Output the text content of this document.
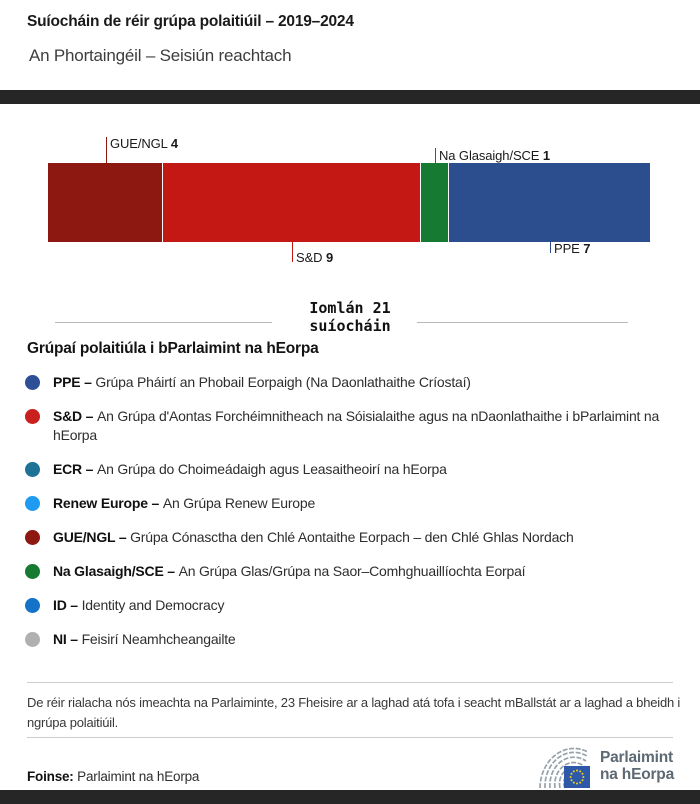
Suíocháin de réir grúpa polaitiúil – 2019–2024
An Phortaingéil – Seisiún reachtach
GUE/NGL 4
S&D 9
Na Glasaigh/SCE 1
PPE 7
Iomlán 21
suíocháin
Grúpaí polaitiúla i bParlaimint na hEorpa
PPE – Grúpa Pháirtí an Phobail Eorpaigh (Na Daonlathaithe Críostaí)
S&D – An Grúpa d'Aontas Forchéimnitheach na Sóisialaithe agus na nDaonlathaithe i bParlaimint na hEorpa
ECR – An Grúpa do Choimeádaigh agus Leasaitheoirí na hEorpa
Renew Europe – An Grúpa Renew Europe
GUE/NGL – Grúpa Cónasctha den Chlé Aontaithe Eorpach – den Chlé Ghlas Nordach
Na Glasaigh/SCE – An Grúpa Glas/Grúpa na Saor–Comhghuaillíochta Eorpaí
ID – Identity and Democracy
NI – Feisirí Neamhcheangailte
De réir rialacha nós imeachta na Parlaiminte, 23 Fheisire ar a laghad atá tofa i seacht mBallstát ar a laghad a bheidh i ngrúpa polaitiúil.
Foinse: Parlaimint na hEorpa
Parlaimint
na hEorpa
